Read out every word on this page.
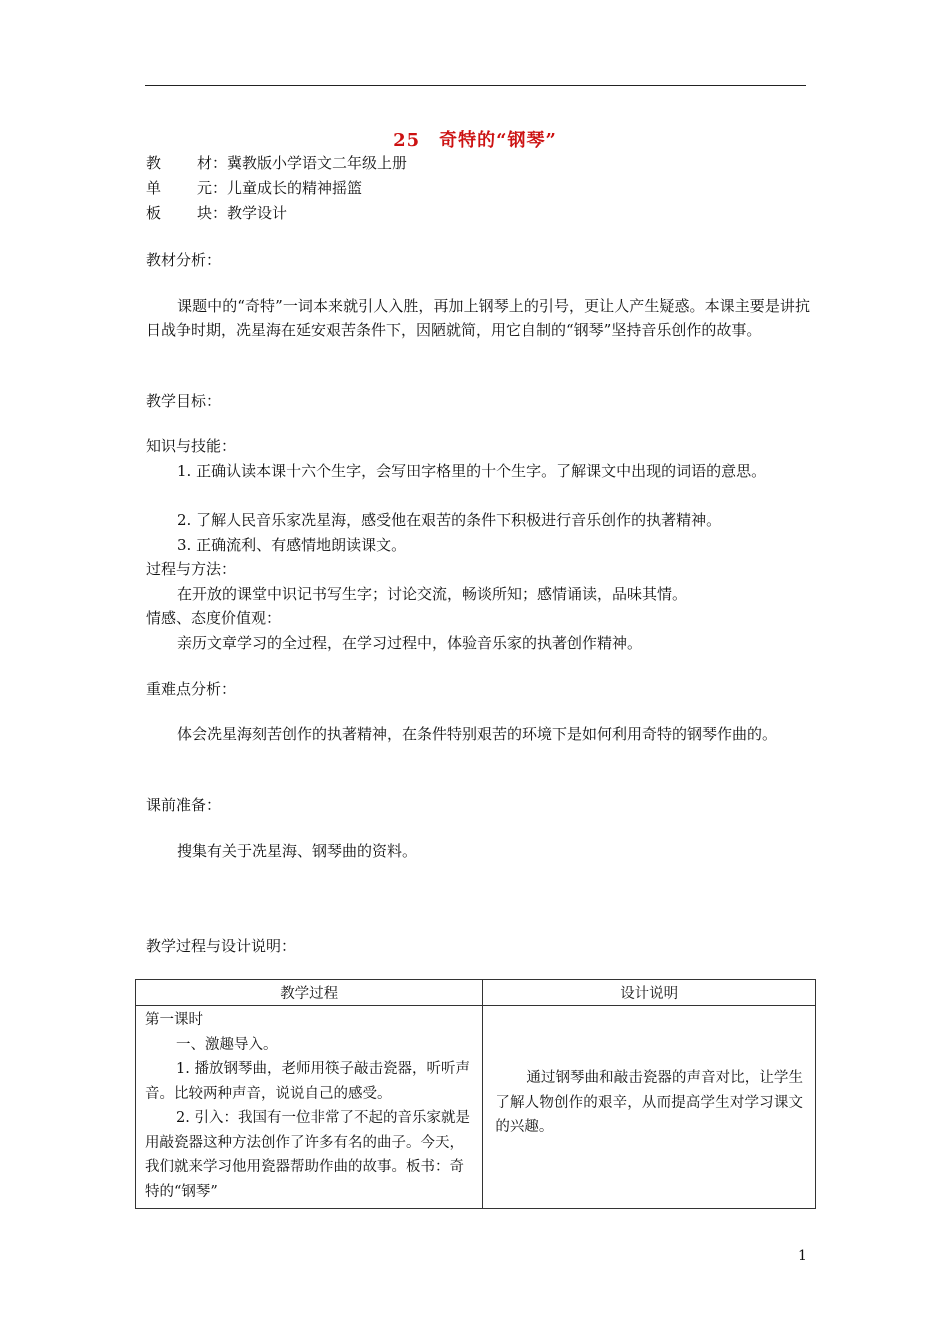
25　奇特的“钢琴”
教材：冀教版小学语文二年级上册
单元：儿童成长的精神摇篮
板块：教学设计
教材分析：
课题中的“奇特”一词本来就引人入胜，再加上钢琴上的引号，更让人产生疑惑。本课主要是讲抗日战争时期，冼星海在延安艰苦条件下，因陋就简，用它自制的“钢琴”坚持音乐创作的故事。
教学目标：
知识与技能：
1. 正确认读本课十六个生字，会写田字格里的十个生字。了解课文中出现的词语的意思。
2. 了解人民音乐家冼星海，感受他在艰苦的条件下积极进行音乐创作的执著精神。
3. 正确流利、有感情地朗读课文。
过程与方法：
在开放的课堂中识记书写生字；讨论交流，畅谈所知；感情诵读，品味其情。
情感、态度价值观：
亲历文章学习的全过程，在学习过程中，体验音乐家的执著创作精神。
重难点分析：
体会冼星海刻苦创作的执著精神，在条件特别艰苦的环境下是如何利用奇特的钢琴作曲的。
课前准备：
搜集有关于冼星海、钢琴曲的资料。
教学过程与设计说明：
教学过程	设计说明

第一课时
一、激趣导入。
1. 播放钢琴曲，老师用筷子敲击瓷器，听听声音。比较两种声音，说说自己的感受。
2. 引入：我国有一位非常了不起的音乐家就是用敲瓷器这种方法创作了许多有名的曲子。今天，我们就来学习他用瓷器帮助作曲的故事。板书：奇特的“钢琴”	通过钢琴曲和敲击瓷器的声音对比，让学生了解人物创作的艰辛，从而提高学生对学习课文的兴趣。
1
